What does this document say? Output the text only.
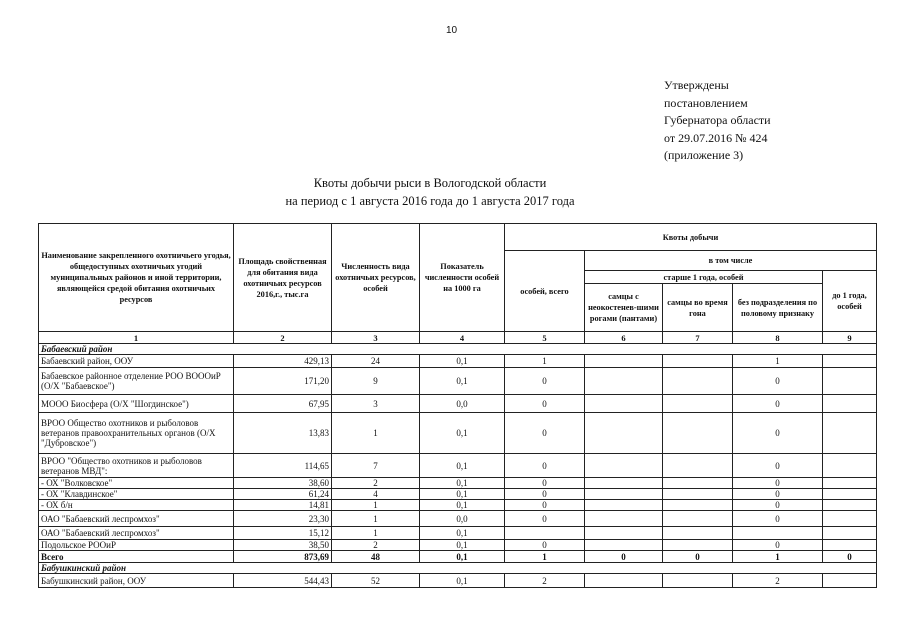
10
Утверждены
постановлением
Губернатора области
от 29.07.2016 № 424
(приложение 3)
Квоты добычи рыси в Вологодской области
на период с 1 августа 2016 года до 1 августа 2017 года
Наименование закрепленного охотничьего угодья, общедоступных охотничьих угодий муниципальных районов и иной территории, являющейся средой обитания охотничьих ресурсов	Площадь свойственная для обитания вида охотничьих ресурсов 2016,г., тыс.га	Численность вида охотничьих ресурсов, особей	Показатель численности особей на 1000 га	Квоты добычи				
				особей, всего	в том числе			
					старше 1 года, особей			до 1 года, особей
					самцы с неокостенев-шими рогами (пантами)	самцы во время гона	без подразделения по половому признаку	
1	2	3	4	5	6	7	8	9
Бабаевский район								
Бабаевский район, ООУ	429,13	24	0,1	1			1	
Бабаевское районное отделение РОО ВОООиР (О/Х "Бабаевское")	171,20	9	0,1	0			0	
МООО Биосфера (О/Х "Шогдинское")	67,95	3	0,0	0			0	
ВРОО Общество охотников и рыболовов ветеранов правоохранительных органов (О/Х "Дубровское")	13,83	1	0,1	0			0	
ВРОО "Общество охотников и рыболовов ветеранов МВД":	114,65	7	0,1	0			0	
- ОХ "Волковское"	38,60	2	0,1	0			0	
- ОХ "Клавдинское"	61,24	4	0,1	0			0	
- ОХ б/н	14,81	1	0,1	0			0	
ОАО "Бабаевский леспромхоз"	23,30	1	0,0	0			0	
ОАО "Бабаевский леспромхоз"	15,12	1	0,1					
Подольское РООиР	38,50	2	0,1	0			0	
Всего	873,69	48	0,1	1	0	0	1	0
Бабушкинский район								
Бабушкинский район, ООУ	544,43	52	0,1	2			2	
